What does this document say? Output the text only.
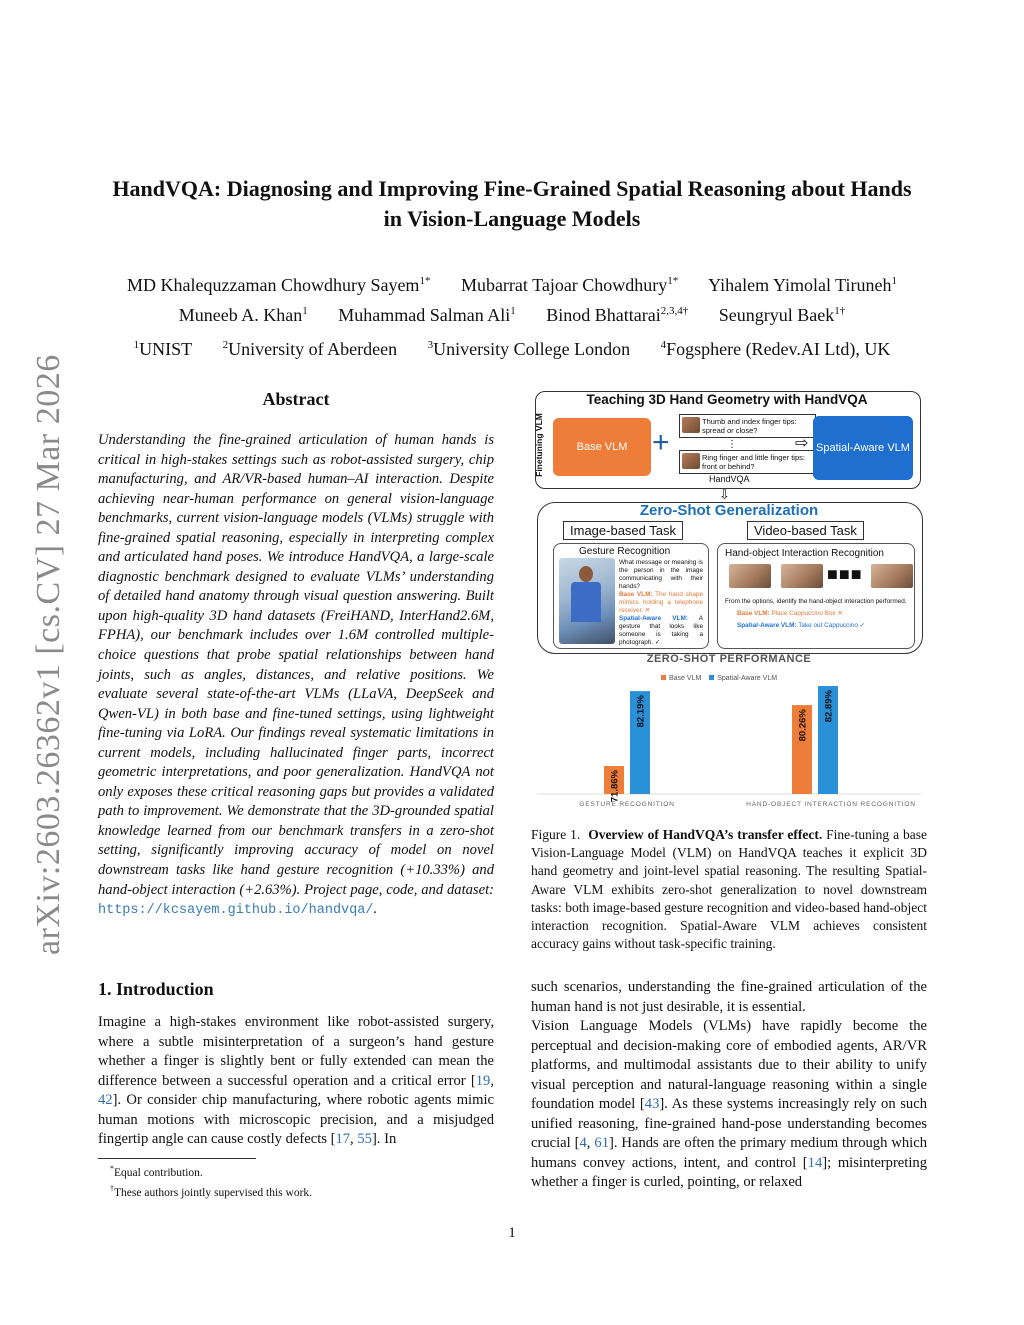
arXiv:2603.26362v1 [cs.CV] 27 Mar 2026
HandVQA: Diagnosing and Improving Fine-Grained Spatial Reasoning about Hands
in Vision-Language Models
MD Khalequzzaman Chowdhury Sayem$^{1*}$ Mubarrat Tajoar Chowdhury$^{1*}$ Yihalem Yimolal Tiruneh$^1$
Muneeb A. Khan$^1$ Muhammad Salman Ali$^1$ Binod Bhattarai$^{2,3,4\dagger}$ Seungryul Baek$^{1\dagger}$
$^1$UNIST	$^2$University of Aberdeen	$^3$University College London	$^4$Fogsphere (Redev.AI Ltd), UK
Abstract
Understanding the fine-grained articulation of human hands is critical in high-stakes settings such as robot-assisted surgery, chip manufacturing, and AR/VR-based human–AI interaction. Despite achieving near-human performance on general vision-language benchmarks, current vision-language models (VLMs) struggle with fine-grained spatial reasoning, especially in interpreting complex and articulated hand poses. We introduce HandVQA, a large-scale diagnostic benchmark designed to evaluate VLMs’ understanding of detailed hand anatomy through visual question answering. Built upon high-quality 3D hand datasets (FreiHAND, InterHand2.6M, FPHA), our benchmark includes over 1.6M controlled multiple-choice questions that probe spatial relationships between hand joints, such as angles, distances, and relative positions. We evaluate several state-of-the-art VLMs (LLaVA, DeepSeek and Qwen-VL) in both base and fine-tuned settings, using lightweight fine-tuning via LoRA. Our findings reveal systematic limitations in current models, including hallucinated finger parts, incorrect geometric interpretations, and poor generalization. HandVQA not only exposes these critical reasoning gaps but provides a validated path to improvement. We demonstrate that the 3D-grounded spatial knowledge learned from our benchmark transfers in a zero-shot setting, significantly improving accuracy of model on novel downstream tasks like hand gesture recognition (+10.33%) and hand-object interaction (+2.63%). Project page, code, and dataset: https://kcsayem.github.io/handvqa/.
1. Introduction
Imagine a high-stakes environment like robot-assisted surgery, where a subtle misinterpretation of a surgeon’s hand gesture whether a finger is slightly bent or fully extended can mean the difference between a successful operation and a critical error [19, 42]. Or consider chip manufacturing, where robotic agents mimic human motions with microscopic precision, and a misjudged fingertip angle can cause costly defects [17, 55]. In
*Equal contribution.
†These authors jointly supervised this work.
Teaching 3D Hand Geometry with HandVQA
Finetuning VLM	Base VLM +
Thumb and index finger tips: spread or close?
⋮
Ring finger and little finger tips: front or behind?
HandVQA
⇨ Spatial-Aware VLM
⇩
Zero-Shot Generalization
Image-based Task	Video-based Task
Gesture Recognition
What message or meaning is the person in the image communicating with their hands?
Base VLM: The hand shape mimics holding a telephone receiver. ✕
Spatial-Aware VLM: A gesture that looks like someone is taking a photograph. ✓
Hand-object Interaction Recognition
■■■
From the options, identify the hand-object interaction performed.
Base VLM: Place Cappuccino Box ✕
Spatial-Aware VLM: Take out Cappuccino ✓
ZERO-SHOT PERFORMANCE
Base VLM Spatial-Aware VLM
71.86%
82.19%
GESTURE RECOGNITION
80.26%
82.89%
HAND-OBJECT INTERACTION RECOGNITION
Figure 1. Overview of HandVQA’s transfer effect. Fine-tuning a base Vision-Language Model (VLM) on HandVQA teaches it explicit 3D hand geometry and joint-level spatial reasoning. The resulting Spatial-Aware VLM exhibits zero-shot generalization to novel downstream tasks: both image-based gesture recognition and video-based hand-object interaction recognition. Spatial-Aware VLM achieves consistent accuracy gains without task-specific training.

such scenarios, understanding the fine-grained articulation of the human hand is not just desirable, it is essential.

Vision Language Models (VLMs) have rapidly become the perceptual and decision-making core of embodied agents, AR/VR platforms, and multimodal assistants due to their ability to unify visual perception and natural-language reasoning within a single foundation model [43]. As these systems increasingly rely on such unified reasoning, fine-grained hand-pose understanding becomes crucial [4, 61]. Hands are often the primary medium through which humans convey actions, intent, and control [14]; misinterpreting whether a finger is curled, pointing, or relaxed

1
